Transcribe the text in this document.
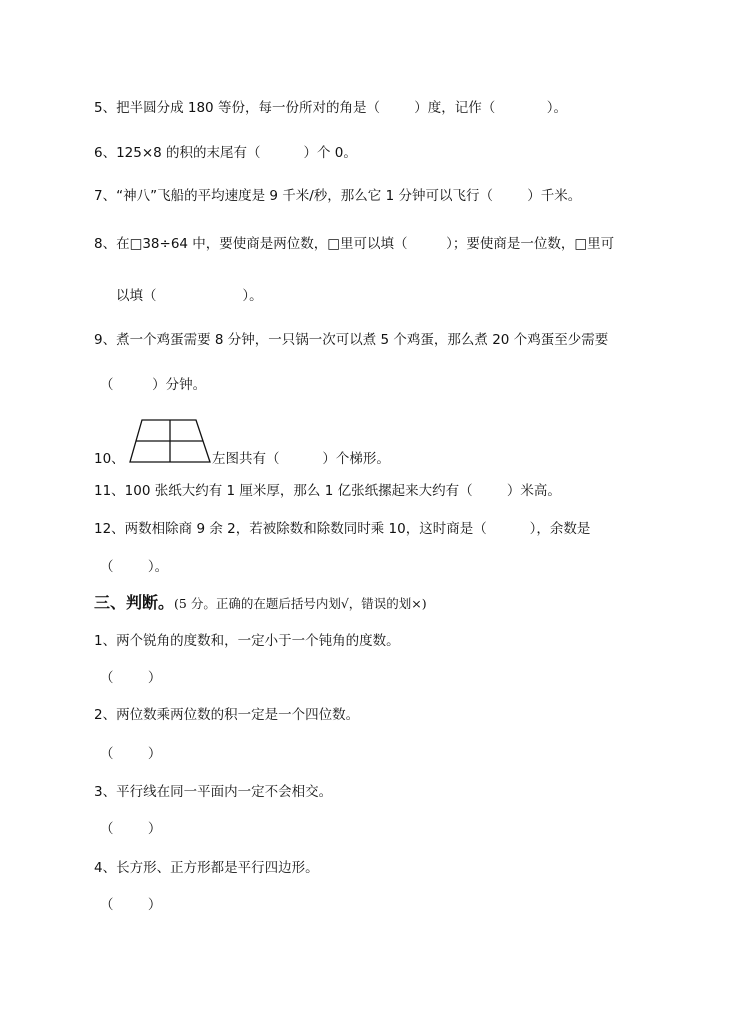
5、把半圆分成 180 等份，每一份所对的角是（        ）度，记作（            ）。
6、125×8 的积的末尾有（          ）个 0。
7、“神八”飞船的平均速度是 9 千米/秒，那么它 1 分钟可以飞行（        ）千米。
8、在□38÷64 中，要使商是两位数，□里可以填（         ）；要使商是一位数，□里可
以填（                    ）。
9、煮一个鸡蛋需要 8 分钟，一只锅一次可以煮 5 个鸡蛋，那么煮 20 个鸡蛋至少需要
（         ）分钟。
10、	左图共有（          ）个梯形。
11、100 张纸大约有 1 厘米厚，那么 1 亿张纸摞起来大约有（        ）米高。
12、两数相除商 9 余 2，若被除数和除数同时乘 10，这时商是（          ），余数是
（        ）。
三、判断。(5 分。正确的在题后括号内划√，错误的划×)
1、两个锐角的度数和，一定小于一个钝角的度数。
（        ）
2、两位数乘两位数的积一定是一个四位数。
（        ）
3、平行线在同一平面内一定不会相交。
（        ）
4、长方形、正方形都是平行四边形。
（        ）
